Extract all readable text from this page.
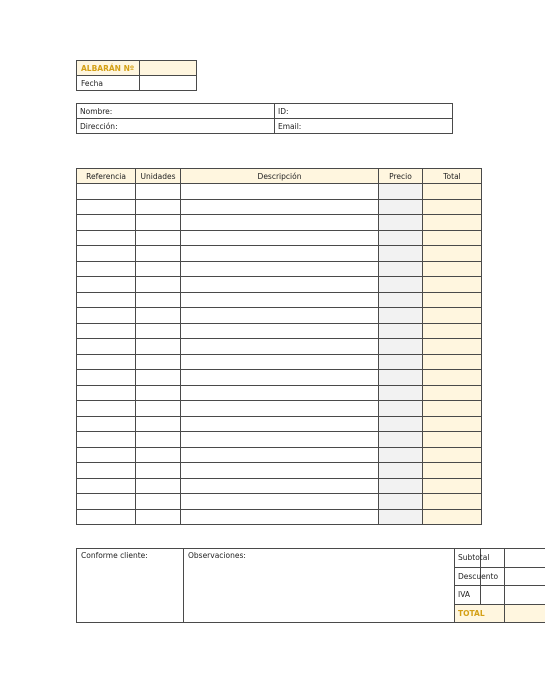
ALBARÁN Nº	
Fecha	
Nombre:	ID:
Dirección:	Email:
Referencia	Unidades	Descripción	Precio	Total

Conforme cliente:	Observaciones:	Subtotal	
Descuento	
IVA	
TOTAL	
